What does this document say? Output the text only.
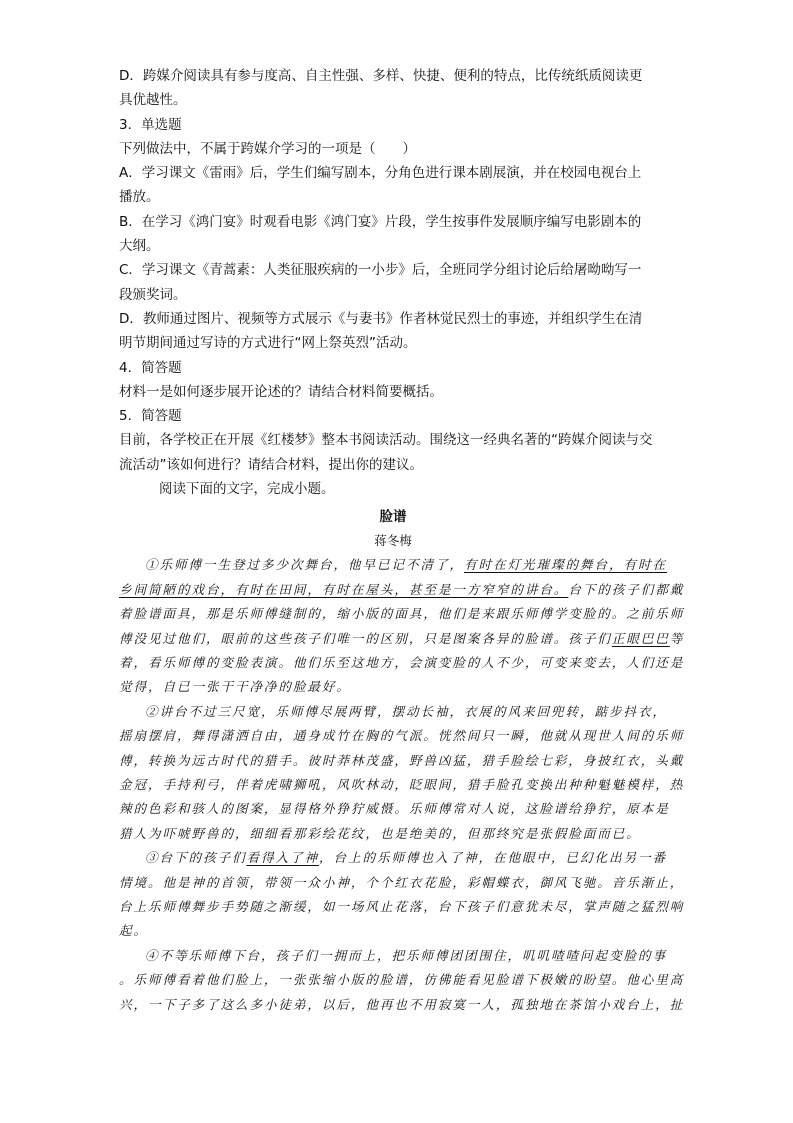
D．跨媒介阅读具有参与度高、自主性强、多样、快捷、便利的特点，比传统纸质阅读更

具优越性。

3．单选题

下列做法中，不属于跨媒介学习的一项是（　　）

A．学习课文《雷雨》后，学生们编写剧本，分角色进行课本剧展演，并在校园电视台上

播放。

B．在学习《鸿门宴》时观看电影《鸿门宴》片段，学生按事件发展顺序编写电影剧本的

大纲。

C．学习课文《青蒿素：人类征服疾病的一小步》后，全班同学分组讨论后给屠呦呦写一

段颁奖词。

D．教师通过图片、视频等方式展示《与妻书》作者林觉民烈士的事迹，并组织学生在清

明节期间通过写诗的方式进行“网上祭英烈”活动。

4．简答题

材料一是如何逐步展开论述的？请结合材料简要概括。

5．简答题

目前，各学校正在开展《红楼梦》整本书阅读活动。围绕这一经典名著的“跨媒介阅读与交

流活动”该如何进行？请结合材料，提出你的建议。

阅读下面的文字，完成小题。

脸谱
蒋冬梅

①乐师傅一生登过多少次舞台，他早已记不清了，有时在灯光璀璨的舞台，有时在

乡间简陋的戏台，有时在田间，有时在屋头，甚至是一方窄窄的讲台。台下的孩子们都戴

着脸谱面具，那是乐师傅缝制的，缩小版的面具，他们是来跟乐师傅学变脸的。之前乐师

傅没见过他们，眼前的这些孩子们唯一的区别，只是图案各异的脸谱。孩子们正眼巴巴等

着，看乐师傅的变脸表演。他们乐至这地方，会演变脸的人不少，可变来变去，人们还是

觉得，自已一张干干净净的脸最好。

②讲台不过三尺宽，乐师傅尽展两臂，摆动长袖，衣展的风来回兜转，踮步抖衣，

摇扇摆肩，舞得潇洒自由，通身成竹在胸的气派。恍然间只一瞬，他就从现世人间的乐师

傅，转换为远古时代的猎手。彼时莽林茂盛，野兽凶猛，猎手脸绘七彩，身披红衣，头戴

金冠，手持利弓，伴着虎啸狮吼，风吹林动，眨眼间，猎手脸孔变换出种种魁魅模样，热

辣的色彩和骇人的图案，显得格外狰狞威慑。乐师傅常对人说，这脸谱给狰狞，原本是

猎人为吓唬野兽的，细细看那彩绘花纹，也是绝美的，但那终究是张假脸面而已。

③台下的孩子们看得入了神，台上的乐师傅也入了神，在他眼中，已幻化出另一番

情境。他是神的首领，带领一众小神，个个红衣花脸，彩帽蝶衣，御风飞驰。音乐渐止，

台上乐师傅舞步手势随之渐缓，如一场风止花落，台下孩子们意犹未尽，掌声随之猛烈响

起。

④不等乐师傅下台，孩子们一拥而上，把乐师傅团团围住，叽叽喳喳问起变脸的事

。乐师傅看着他们脸上，一张张缩小版的脸谱，仿佛能看见脸谱下极嫩的盼望。他心里高

兴，一下子多了这么多小徒弟，以后，他再也不用寂寞一人，孤独地在茶馆小戏台上，扯
